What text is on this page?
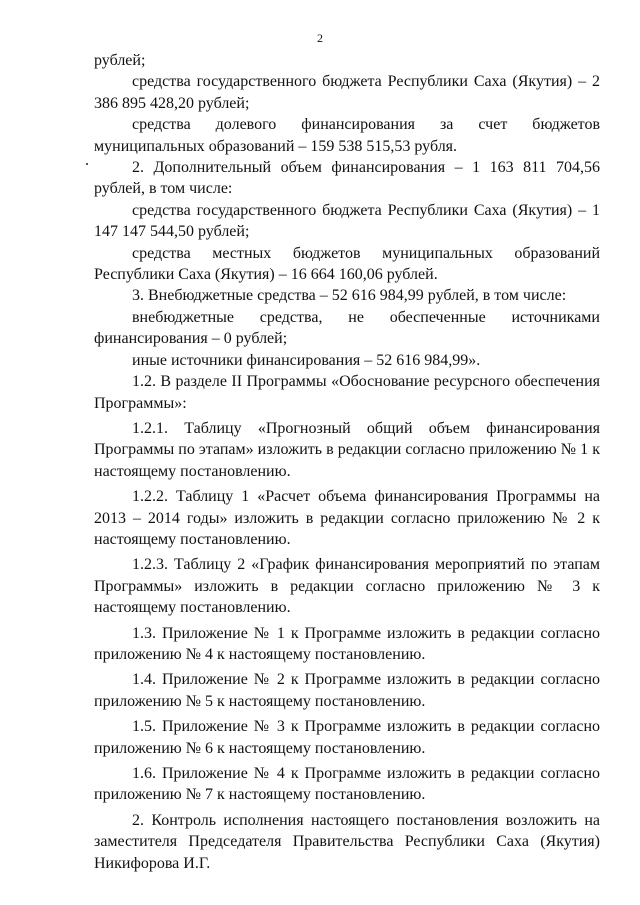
2

рублей;

средства государственного бюджета Республики Саха (Якутия) – 2 386 895 428,20 рублей;

средства долевого финансирования за счет бюджетов муниципальных образований – 159 538 515,53 рубля.

2. Дополнительный объем финансирования – 1 163 811 704,56 рублей, в том числе:

средства государственного бюджета Республики Саха (Якутия) – 1 147 147 544,50 рублей;

средства местных бюджетов муниципальных образований Республики Саха (Якутия) – 16 664 160,06 рублей.

3. Внебюджетные средства – 52 616 984,99 рублей, в том числе:

внебюджетные средства, не обеспеченные источниками финансирования – 0 рублей;

иные источники финансирования – 52 616 984,99».

1.2. В разделе II Программы «Обоснование ресурсного обеспечения Программы»:

1.2.1. Таблицу «Прогнозный общий объем финансирования Программы по этапам» изложить в редакции согласно приложению № 1 к настоящему постановлению.

1.2.2. Таблицу 1 «Расчет объема финансирования Программы на 2013 – 2014 годы» изложить в редакции согласно приложению № 2 к настоящему постановлению.

1.2.3. Таблицу 2 «График финансирования мероприятий по этапам Программы» изложить в редакции согласно приложению № 3 к настоящему постановлению.

1.3. Приложение № 1 к Программе изложить в редакции согласно приложению № 4 к настоящему постановлению.

1.4. Приложение № 2 к Программе изложить в редакции согласно приложению № 5 к настоящему постановлению.

1.5. Приложение № 3 к Программе изложить в редакции согласно приложению № 6 к настоящему постановлению.

1.6. Приложение № 4 к Программе изложить в редакции согласно приложению № 7 к настоящему постановлению.

2. Контроль исполнения настоящего постановления возложить на заместителя Председателя Правительства Республики Саха (Якутия) Никифорова И.Г.
